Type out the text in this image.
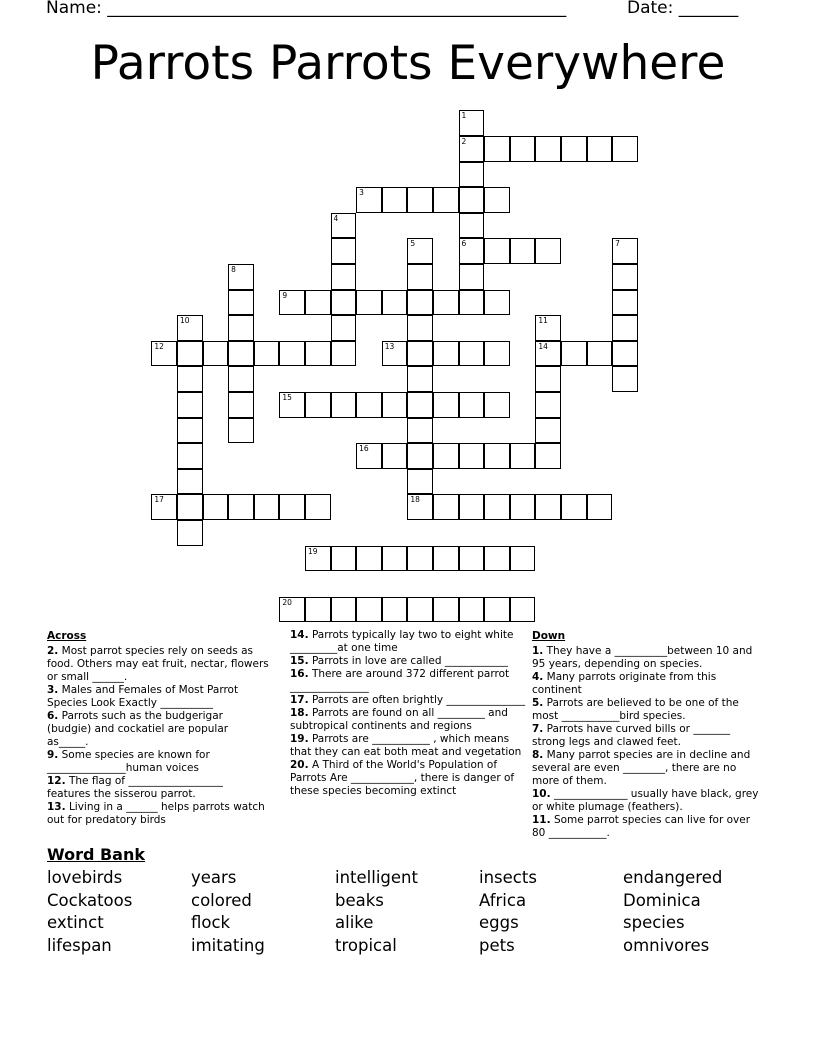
Name: ______________________________________________________	Date: _______
Parrots Parrots Everywhere
1
2
6
3
4
5
18
7
8
9
10	11
14
12	13
15
16
17
19
20
Across
2. Most parrot species rely on seeds as food. Others may eat fruit, nectar, flowers or small ______.
3. Males and Females of Most Parrot Species Look Exactly __________
6. Parrots such as the budgerigar (budgie) and cockatiel are popular as_____.
9. Some species are known for _______________human voices
12. The flag of __________________ features the sisserou parrot.
13. Living in a ______ helps parrots watch out for predatory birds
14. Parrots typically lay two to eight white _________at one time
15. Parrots in love are called ____________
16. There are around 372 different parrot _______________
17. Parrots are often brightly _______________
18. Parrots are found on all _________ and subtropical continents and regions
19. Parrots are ___________ , which means that they can eat both meat and vegetation
20. A Third of the World's Population of Parrots Are ____________, there is danger of these species becoming extinct
Down
1. They have a __________between 10 and 95 years, depending on species.
4. Many parrots originate from this continent
5. Parrots are believed to be one of the most ___________bird species.
7. Parrots have curved bills or _______ strong legs and clawed feet.
8. Many parrot species are in decline and several are even ________, there are no more of them.
10. ______________ usually have black, grey or white plumage (feathers).
11. Some parrot species can live for over 80 ___________.
Word Bank
lovebirds	years	intelligent	insects	endangered
Cockatoos	colored	beaks	Africa	Dominica
extinct	flock	alike	eggs	species
lifespan	imitating	tropical	pets	omnivores
